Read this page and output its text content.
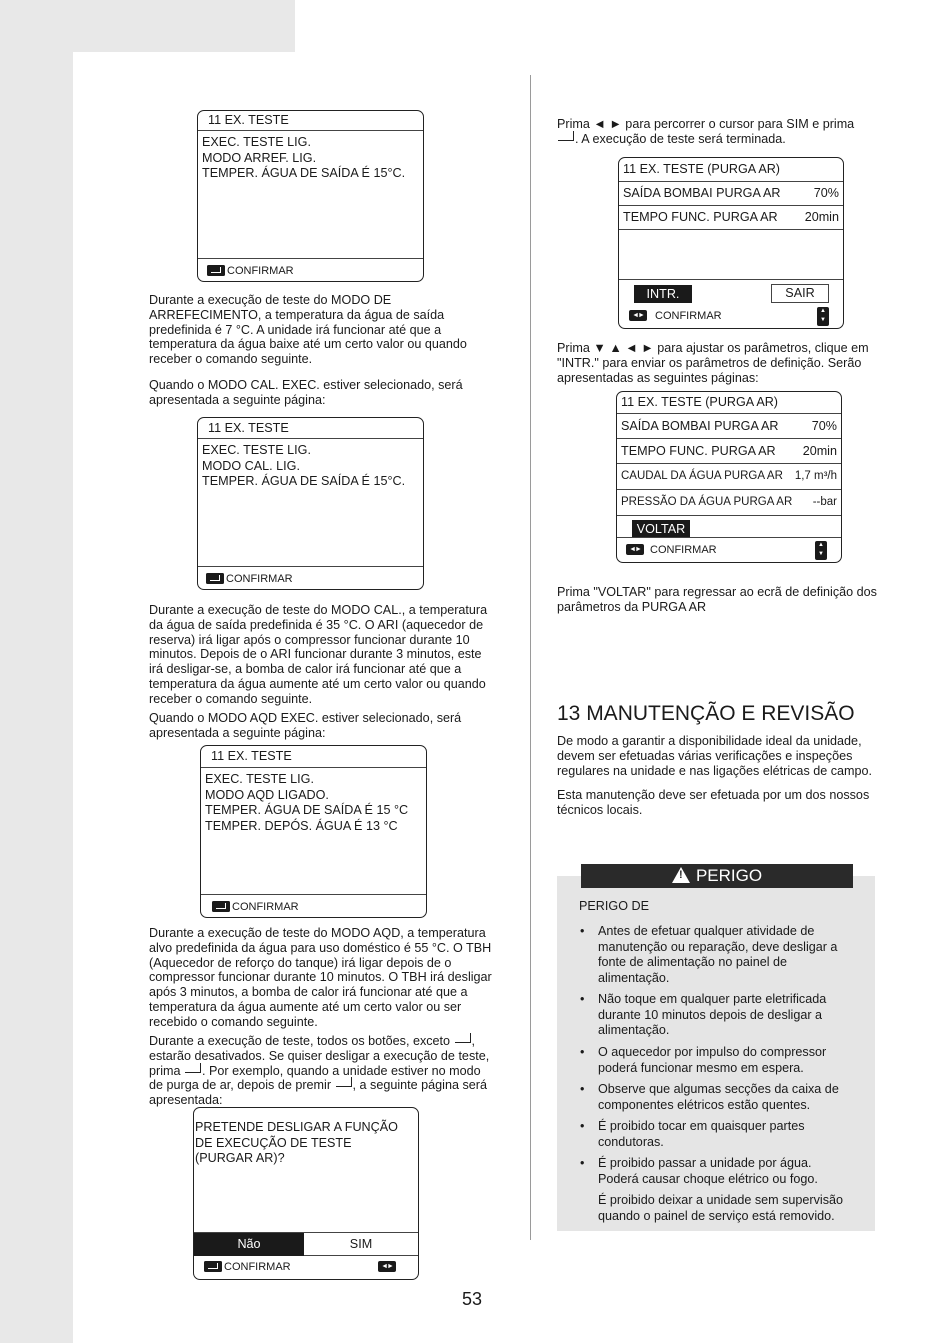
11 EX. TESTE
EXEC. TESTE LIG.
MODO ARREF. LIG.
TEMPER. ÁGUA DE SAÍDA É 15°C.
CONFIRMAR
Durante a execução de teste do MODO DE ARREFECIMENTO, a temperatura da água de saída predefinida é 7 °C. A unidade irá funcionar até que a temperatura da água baixe até um certo valor ou quando receber o comando seguinte.
Quando o MODO CAL. EXEC. estiver selecionado, será apresentada a seguinte página:
11 EX. TESTE
EXEC. TESTE LIG.
MODO CAL. LIG.
TEMPER. ÁGUA DE SAÍDA É 15°C.
CONFIRMAR
Durante a execução de teste do MODO CAL., a temperatura da água de saída predefinida é 35 °C. O ARI (aquecedor de reserva) irá ligar após o compressor funcionar durante 10 minutos. Depois de o ARI funcionar durante 3 minutos, este irá desligar-se, a bomba de calor irá funcionar até que a temperatura da água aumente até um certo valor ou quando receber o comando seguinte.
Quando o MODO AQD EXEC. estiver selecionado, será apresentada a seguinte página:
11 EX. TESTE
EXEC. TESTE LIG.
MODO AQD LIGADO.
TEMPER. ÁGUA DE SAÍDA É 15 °C
TEMPER. DEPÓS. ÁGUA É 13 °C
CONFIRMAR
Durante a execução de teste do MODO AQD, a temperatura alvo predefinida da água para uso doméstico é 55 °C. O TBH (Aquecedor de reforço do tanque) irá ligar depois de o compressor funcionar durante 10 minutos. O TBH irá desligar após 3 minutos, a bomba de calor irá funcionar até que a temperatura da água aumente até um certo valor ou ser recebido o comando seguinte.
Durante a execução de teste, todos os botões, exceto ,
estarão desativados. Se quiser desligar a execução de teste,
prima . Por exemplo, quando a unidade estiver no modo
de purga de ar, depois de premir , a seguinte página será
apresentada:
PRETENDE DESLIGAR A FUNÇÃO
DE EXECUÇÃO DE TESTE
(PURGAR AR)?
Não	SIM
CONFIRMAR	◄►
Prima ◄ ► para percorrer o cursor para SIM e prima
. A execução de teste será terminada.
11 EX. TESTE (PURGA AR)
SAÍDA BOMBAI PURGA AR	70%
TEMPO FUNC. PURGA AR 20min
INTR.	SAIR
◄► CONFIRMAR	▲
▼
Prima ▼ ▲ ◄ ► para ajustar os parâmetros, clique em "INTR." para enviar os parâmetros de definição. Serão apresentadas as seguintes páginas:
11 EX. TESTE (PURGA AR)
SAÍDA BOMBAI PURGA AR	70%
TEMPO FUNC. PURGA AR 20min
CAUDAL DA ÁGUA PURGA AR 1,7 m³/h
PRESSÃO DA ÁGUA PURGA AR --bar
VOLTAR
◄► CONFIRMAR	▲
▼
Prima "VOLTAR" para regressar ao ecrã de definição dos parâmetros da PURGA AR
13 MANUTENÇÃO E REVISÃO
De modo a garantir a disponibilidade ideal da unidade, devem ser efetuadas várias verificações e inspeções regulares na unidade e nas ligações elétricas de campo.
Esta manutenção deve ser efetuada por um dos nossos técnicos locais.
!PERIGO
PERIGO DE
• Antes de efetuar qualquer atividade de manutenção ou reparação, deve desligar a fonte de alimentação no painel de alimentação.
• Não toque em qualquer parte eletrificada durante 10 minutos depois de desligar a alimentação.
• O aquecedor por impulso do compressor poderá funcionar mesmo em espera.
• Observe que algumas secções da caixa de componentes elétricos estão quentes.
• É proibido tocar em quaisquer partes condutoras.
• É proibido passar a unidade por água. Poderá causar choque elétrico ou fogo.
É proibido deixar a unidade sem supervisão quando o painel de serviço está removido.
53
